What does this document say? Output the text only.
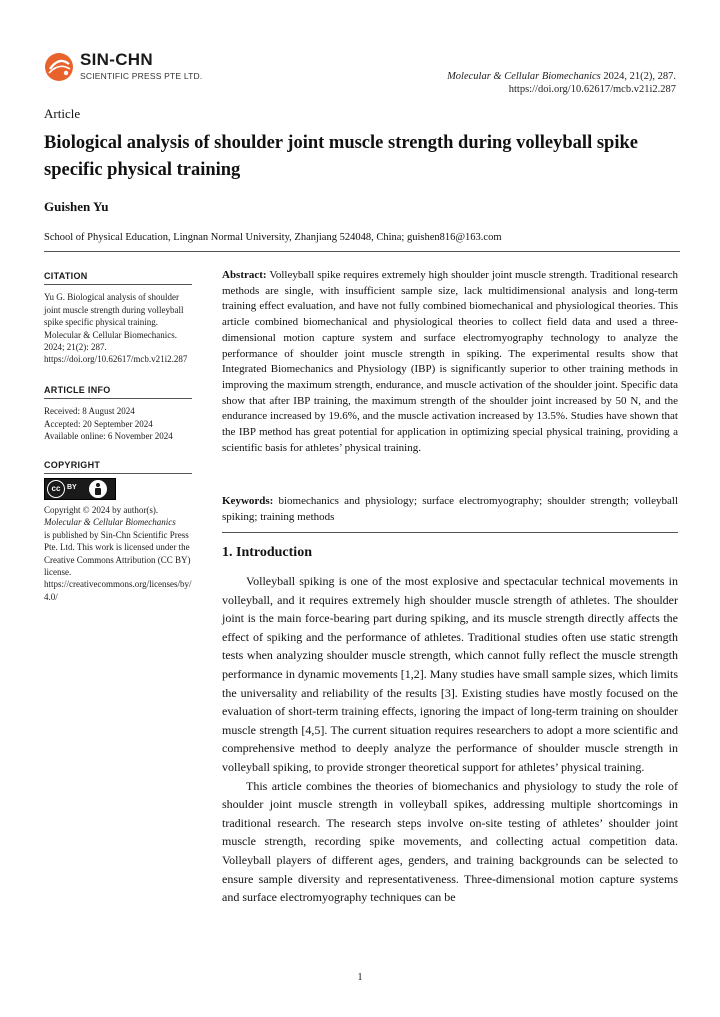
SIN-CHN
SCIENTIFIC PRESS PTE LTD.	Molecular & Cellular Biomechanics 2024, 21(2), 287.
https://doi.org/10.62617/mcb.v21i2.287
Article
Biological analysis of shoulder joint muscle strength during volleyball spike specific physical training
Guishen Yu
School of Physical Education, Lingnan Normal University, Zhanjiang 524048, China; guishen816@163.com
CITATION
Yu G. Biological analysis of shoulder joint muscle strength during volleyball spike specific physical training. Molecular & Cellular Biomechanics. 2024; 21(2): 287.
https://doi.org/10.62617/mcb.v21i2.287
ARTICLE INFO
Received: 8 August 2024
Accepted: 20 September 2024
Available online: 6 November 2024
COPYRIGHT
cc BY
Copyright © 2024 by author(s).
Molecular & Cellular Biomechanics
is published by Sin-Chn Scientific Press Pte. Ltd. This work is licensed under the Creative Commons Attribution (CC BY) license.
https://creativecommons.org/licenses/by/4.0/
Abstract: Volleyball spike requires extremely high shoulder joint muscle strength. Traditional research methods are single, with insufficient sample size, lack multidimensional analysis and long-term training effect evaluation, and have not fully combined biomechanical and physiological theories. This article combined biomechanical and physiological theories to collect field data and used a three-dimensional motion capture system and surface electromyography technology to analyze the performance of shoulder joint muscle strength in spiking. The experimental results show that Integrated Biomechanics and Physiology (IBP) is significantly superior to other training methods in improving the maximum strength, endurance, and muscle activation of the shoulder joint. Specific data show that after IBP training, the maximum strength of the shoulder joint increased by 50 N, and the endurance increased by 19.6%, and the muscle activation increased by 13.5%. Studies have shown that the IBP method has great potential for application in optimizing special physical training, providing a scientific basis for athletes’ physical training.
Keywords: biomechanics and physiology; surface electromyography; shoulder strength; volleyball spiking; training methods
1. Introduction

Volleyball spiking is one of the most explosive and spectacular technical movements in volleyball, and it requires extremely high shoulder muscle strength of athletes. The shoulder joint is the main force-bearing part during spiking, and its muscle strength directly affects the effect of spiking and the performance of athletes. Traditional studies often use static strength tests when analyzing shoulder muscle strength, which cannot fully reflect the muscle strength performance in dynamic movements [1,2]. Many studies have small sample sizes, which limits the universality and reliability of the results [3]. Existing studies have mostly focused on the evaluation of short-term training effects, ignoring the impact of long-term training on shoulder muscle strength [4,5]. The current situation requires researchers to adopt a more scientific and comprehensive method to deeply analyze the performance of shoulder muscle strength in volleyball spiking, to provide stronger theoretical support for athletes’ physical training.

This article combines the theories of biomechanics and physiology to study the role of shoulder joint muscle strength in volleyball spikes, addressing multiple shortcomings in traditional research. The research steps involve on-site testing of athletes’ shoulder joint muscle strength, recording spike movements, and collecting actual competition data. Volleyball players of different ages, genders, and training backgrounds can be selected to ensure sample diversity and representativeness. Three-dimensional motion capture systems and surface electromyography techniques can be

1
